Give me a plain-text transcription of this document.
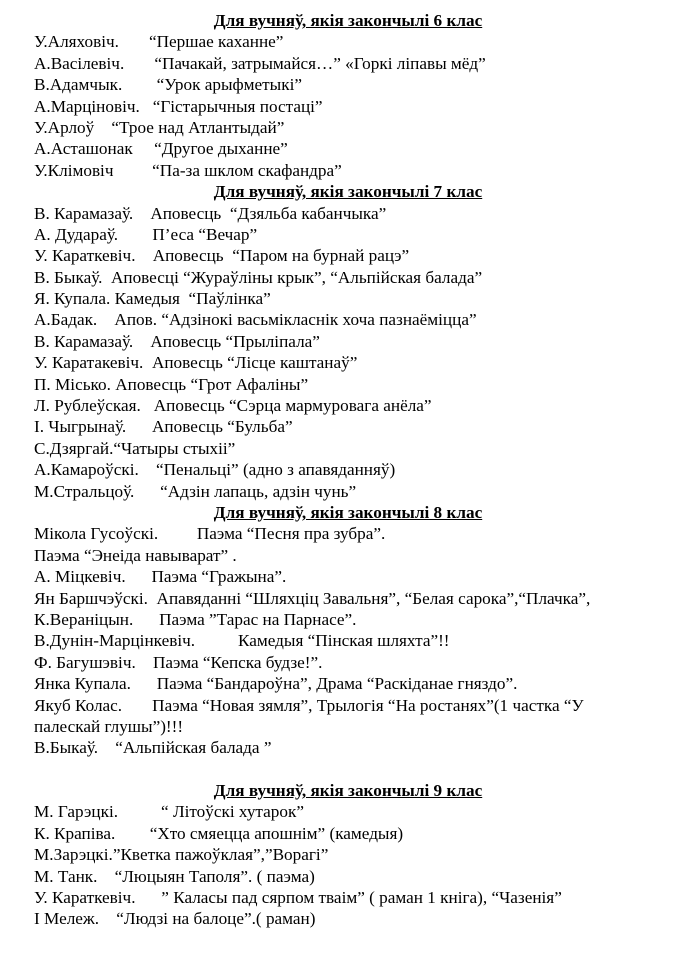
Для вучняў, якія закончылі 6 клас
У.Аляховіч. “Першае каханне”
А.Васілевіч. “Пачакай, затрымайся…” «Горкі ліпавы мёд”
В.Адамчык. “Урок арыфметыкі”
А.Марціновіч. “Гістарычныя постаці”
У.Арлоў “Трое над Атлантыдай”
А.Асташонак “Другое дыханне”
У.Клімовіч “Па-за шклом скафандра”
Для вучняў, якія закончылі 7 клас
В. Карамазаў. Аповесць  “Дзяльба кабанчыка”
А. Дудараў. П’еса “Вечар”
У. Караткевіч. Аповесць  “Паром на бурнай рацэ”
В. Быкаў. Аповесці “Жураўліны крык”, “Альпійская балада”
Я. Купала. Камедыя  “Паўлінка”
А.Бадак. Апов. “Адзінокі васьмікласнік хоча пазнаёміцца”
В. Карамазаў. Аповесць “Прыліпала”
У. Каратакевіч. Аповесць “Лісце каштанаў”
П. Місько. Аповесць “Грот Афаліны”
Л. Рублеўская. Аповесць “Сэрца мармуровага анёла”
І. Чыгрынаў. Аповесць “Бульба”
С.Дзяргай.“Чатыры стыхіі”
А.Камароўскі. “Пенальці” (адно з апавяданняў)
М.Стральцоў. “Адзін лапаць, адзін чунь”
Для вучняў, якія закончылі 8 клас
Мікола Гусоўскі. Паэма “Песня пра зубра”.
Паэма “Энеіда навыварат” .
А. Міцкевіч. Паэма “Гражына”.
Ян Баршчэўскі. Апавяданні “Шляхціц Завальня”, “Белая сарока”,“Плачка”,
К.Вераніцын. Паэма ”Тарас на Парнасе”.
В.Дунін-Марцінкевіч. Камедыя “Пінская шляхта”!!
Ф. Багушэвіч. Паэма “Кепска будзе!”.
Янка Купала. Паэма “Бандароўна”, Драма “Раскіданае гняздо”.
Якуб Колас. Паэма “Новая зямля”, Трылогія “На ростанях”(1 частка “У
палескай глушы”)!!!
В.Быкаў. “Альпійская балада ”
Для вучняў, якія закончылі 9 клас
М. Гарэцкі. “ Літоўскі хутарок”
К. Крапіва. “Хто смяецца апошнім” (камедыя)
М.Зарэцкі.”Кветка пажоўклая”,”Ворагі”
М. Танк. “Люцыян Таполя”. ( паэма)
У. Караткевіч. ” Каласы пад сярпом тваім” ( раман 1 кніга), “Чазенія”
І Мележ. “Людзі на балоце”.( раман)
